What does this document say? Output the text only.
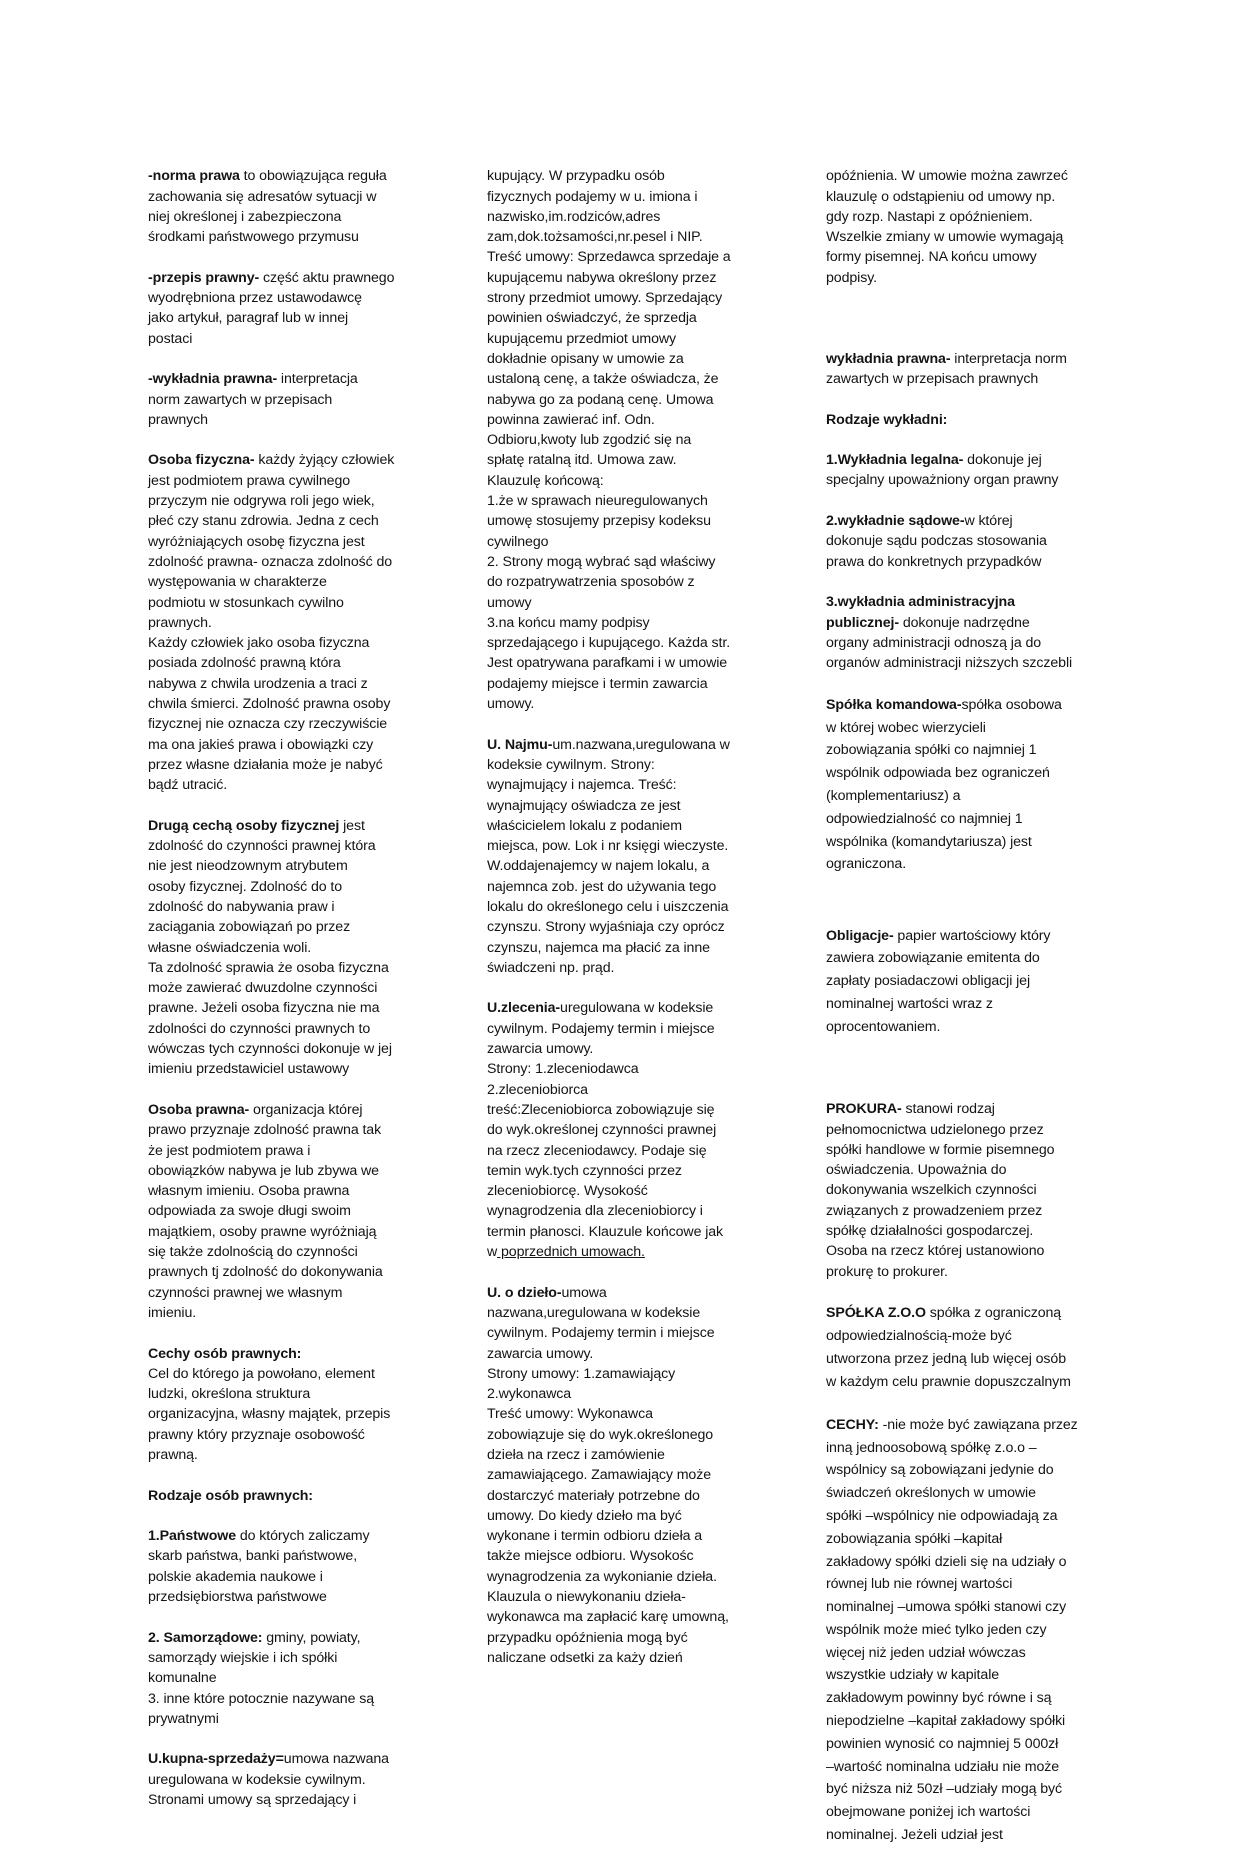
-norma prawa to obowiązująca reguła
zachowania się adresatów sytuacji w
niej określonej i zabezpieczona
środkami państwowego przymusu

-przepis prawny- część aktu prawnego
wyodrębniona przez ustawodawcę
jako artykuł, paragraf lub w innej
postaci

-wykładnia prawna- interpretacja
norm zawartych w przepisach
prawnych

Osoba fizyczna- każdy żyjący człowiek
jest podmiotem prawa cywilnego
przyczym nie odgrywa roli jego wiek,
płeć czy stanu zdrowia. Jedna z cech
wyróżniających osobę fizyczna jest
zdolność prawna- oznacza zdolność do
występowania w charakterze
podmiotu w stosunkach cywilno
prawnych.
Każdy człowiek jako osoba fizyczna
posiada zdolność prawną która
nabywa z chwila urodzenia a traci z
chwila śmierci. Zdolność prawna osoby
fizycznej nie oznacza czy rzeczywiście
ma ona jakieś prawa i obowiązki czy
przez własne działania może je nabyć
bądź utracić.

Drugą cechą osoby fizycznej jest
zdolność do czynności prawnej która
nie jest nieodzownym atrybutem
osoby fizycznej. Zdolność do to
zdolność do nabywania praw i
zaciągania zobowiązań po przez
własne oświadczenia woli.
Ta zdolność sprawia że osoba fizyczna
może zawierać dwuzdolne czynności
prawne. Jeżeli osoba fizyczna nie ma
zdolności do czynności prawnych to
wówczas tych czynności dokonuje w jej
imieniu przedstawiciel ustawowy

Osoba prawna- organizacja której
prawo przyznaje zdolność prawna tak
że jest podmiotem prawa i
obowiązków nabywa je lub zbywa we
własnym imieniu. Osoba prawna
odpowiada za swoje długi swoim
majątkiem, osoby prawne wyróżniają
się także zdolnością do czynności
prawnych tj zdolność do dokonywania
czynności prawnej we własnym
imieniu.

Cechy osób prawnych:
Cel do którego ja powołano, element
ludzki, określona struktura
organizacyjna, własny majątek, przepis
prawny który przyznaje osobowość
prawną.

Rodzaje osób prawnych:

1.Państwowe do których zaliczamy
skarb państwa, banki państwowe,
polskie akademia naukowe i
przedsiębiorstwa państwowe

2. Samorządowe: gminy, powiaty,
samorządy wiejskie i ich spółki
komunalne
3. inne które potocznie nazywane są
prywatnymi

U.kupna-sprzedaży=umowa nazwana
uregulowana w kodeksie cywilnym.
Stronami umowy są sprzedający i

kupujący. W przypadku osób
fizycznych podajemy w u. imiona i
nazwisko,im.rodziców,adres
zam,dok.tożsamości,nr.pesel i NIP.
Treść umowy: Sprzedawca sprzedaje a
kupującemu nabywa określony przez
strony przedmiot umowy. Sprzedający
powinien oświadczyć, że sprzedja
kupującemu przedmiot umowy
dokładnie opisany w umowie za
ustaloną cenę, a także oświadcza, że
nabywa go za podaną cenę. Umowa
powinna zawierać inf. Odn.
Odbioru,kwoty lub zgodzić się na
spłatę ratalną itd. Umowa zaw.
Klauzulę końcową:
1.że w sprawach nieuregulowanych
umowę stosujemy przepisy kodeksu
cywilnego
2. Strony mogą wybrać sąd właściwy
do rozpatrywatrzenia sposobów z
umowy
3.na końcu mamy podpisy
sprzedającego i kupującego. Każda str.
Jest opatrywana parafkami i w umowie
podajemy miejsce i termin zawarcia
umowy.

U. Najmu-um.nazwana,uregulowana w
kodeksie cywilnym. Strony:
wynajmujący i najemca. Treść:
wynajmujący oświadcza ze jest
właścicielem lokalu z podaniem
miejsca, pow. Lok i nr księgi wieczyste.
W.oddajenajemcy w najem lokalu, a
najemnca zob. jest do używania tego
lokalu do określonego celu i uiszczenia
czynszu. Strony wyjaśniaja czy oprócz
czynszu, najemca ma płacić za inne
świadczeni np. prąd.

U.zlecenia-uregulowana w kodeksie
cywilnym. Podajemy termin i miejsce
zawarcia umowy.
Strony: 1.zleceniodawca
2.zleceniobiorca
treść:Zleceniobiorca zobowiązuje się
do wyk.określonej czynności prawnej
na rzecz zleceniodawcy. Podaje się
temin wyk.tych czynności przez
zleceniobiorcę. Wysokość
wynagrodzenia dla zleceniobiorcy i
termin płanosci. Klauzule końcowe jak
w poprzednich umowach.

U. o dzieło-umowa
nazwana,uregulowana w kodeksie
cywilnym. Podajemy termin i miejsce
zawarcia umowy.
Strony umowy: 1.zamawiający
2.wykonawca
Treść umowy: Wykonawca
zobowiązuje się do wyk.określonego
dzieła na rzecz i zamówienie
zamawiającego. Zamawiający może
dostarczyć materiały potrzebne do
umowy. Do kiedy dzieło ma być
wykonane i termin odbioru dzieła a
także miejsce odbioru. Wysokośc
wynagrodzenia za wykonianie dzieła.
Klauzula o niewykonaniu dzieła-
wykonawca ma zapłacić karę umowną,
przypadku opóźnienia mogą być
naliczane odsetki za każy dzień

opóźnienia. W umowie można zawrzeć
klauzulę o odstąpieniu od umowy np.
gdy rozp. Nastapi z opóźnieniem.
Wszelkie zmiany w umowie wymagają
formy pisemnej. NA końcu umowy
podpisy.

wykładnia prawna- interpretacja norm
zawartych w przepisach prawnych

Rodzaje wykładni:

1.Wykładnia legalna- dokonuje jej
specjalny upoważniony organ prawny

2.wykładnie sądowe-w której
dokonuje sądu podczas stosowania
prawa do konkretnych przypadków

3.wykładnia administracyjna
publicznej- dokonuje nadrzędne
organy administracji odnoszą ja do
organów administracji niższych szczebli

Spółka komandowa-spółka osobowa
w której wobec wierzycieli
zobowiązania spółki co najmniej 1
wspólnik odpowiada bez ograniczeń
(komplementariusz) a
odpowiedzialność co najmniej 1
wspólnika (komandytariusza) jest
ograniczona.

Obligacje- papier wartościowy który
zawiera zobowiązanie emitenta do
zapłaty posiadaczowi obligacji jej
nominalnej wartości wraz z
oprocentowaniem.

PROKURA- stanowi rodzaj
pełnomocnictwa udzielonego przez
spółki handlowe w formie pisemnego
oświadczenia. Upoważnia do
dokonywania wszelkich czynności
związanych z prowadzeniem przez
spółkę działalności gospodarczej.
Osoba na rzecz której ustanowiono
prokurę to prokurer.

SPÓŁKA Z.O.O spółka z ograniczoną
odpowiedzialnością-może być
utworzona przez jedną lub więcej osób
w każdym celu prawnie dopuszczalnym

CECHY: -nie może być zawiązana przez
inną jednoosobową spółkę z.o.o –
wspólnicy są zobowiązani jedynie do
świadczeń określonych w umowie
spółki –wspólnicy nie odpowiadają za
zobowiązania spółki –kapitał
zakładowy spółki dzieli się na udziały o
równej lub nie równej wartości
nominalnej –umowa spółki stanowi czy
wspólnik może mieć tylko jeden czy
więcej niż jeden udział wówczas
wszystkie udziały w kapitale
zakładowym powinny być równe i są
niepodzielne –kapitał zakładowy spółki
powinien wynosić co najmniej 5 000zł
–wartość nominalna udziału nie może
być niższa niż 50zł –udziały mogą być
obejmowane poniżej ich wartości
nominalnej. Jeżeli udział jest
